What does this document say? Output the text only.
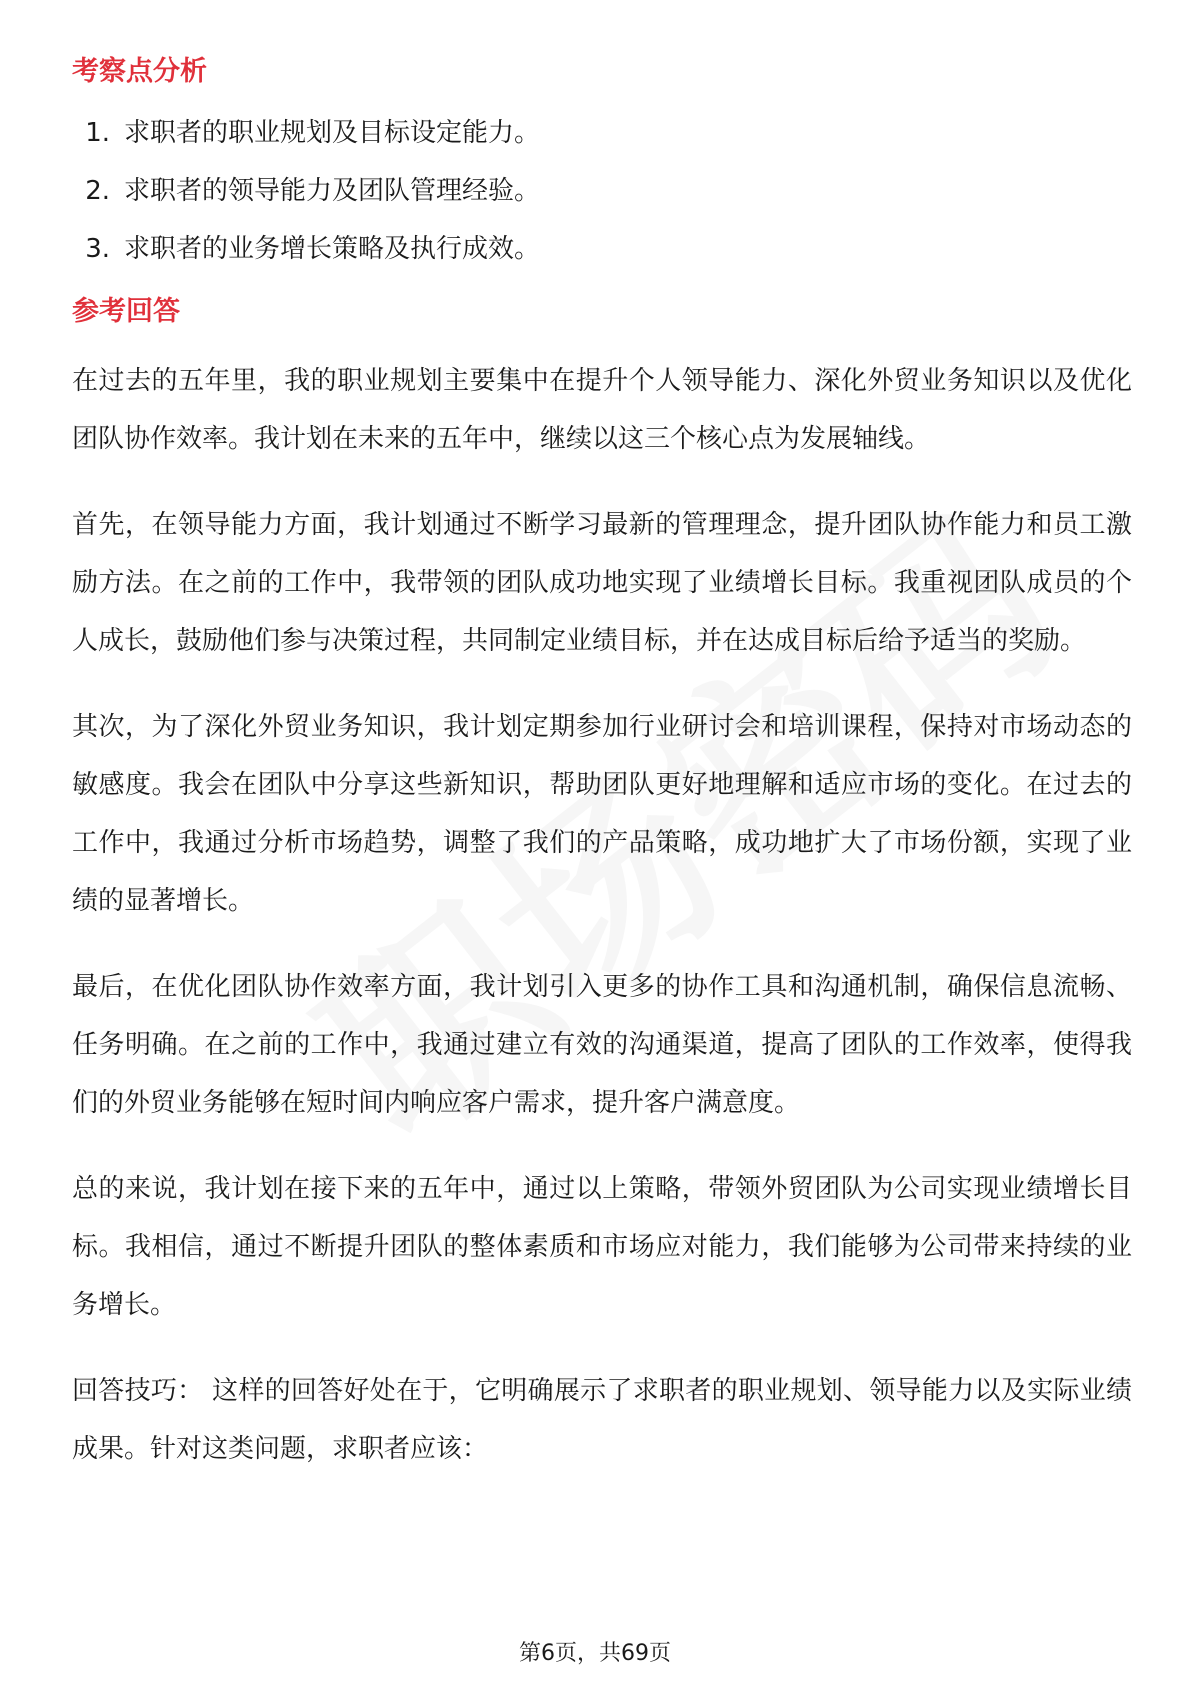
考察点分析
1. 求职者的职业规划及目标设定能力。
2. 求职者的领导能力及团队管理经验。
3. 求职者的业务增长策略及执行成效。
参考回答

在过去的五年里，我的职业规划主要集中在提升个人领导能力、深化外贸业务知识以及优化团队协作效率。我计划在未来的五年中，继续以这三个核心点为发展轴线。

首先，在领导能力方面，我计划通过不断学习最新的管理理念，提升团队协作能力和员工激励方法。在之前的工作中，我带领的团队成功地实现了业绩增长目标。我重视团队成员的个人成长，鼓励他们参与决策过程，共同制定业绩目标，并在达成目标后给予适当的奖励。

其次，为了深化外贸业务知识，我计划定期参加行业研讨会和培训课程，保持对市场动态的敏感度。我会在团队中分享这些新知识，帮助团队更好地理解和适应市场的变化。在过去的工作中，我通过分析市场趋势，调整了我们的产品策略，成功地扩大了市场份额，实现了业绩的显著增长。

最后，在优化团队协作效率方面，我计划引入更多的协作工具和沟通机制，确保信息流畅、任务明确。在之前的工作中，我通过建立有效的沟通渠道，提高了团队的工作效率，使得我们的外贸业务能够在短时间内响应客户需求，提升客户满意度。

总的来说，我计划在接下来的五年中，通过以上策略，带领外贸团队为公司实现业绩增长目标。我相信，通过不断提升团队的整体素质和市场应对能力，我们能够为公司带来持续的业务增长。

回答技巧： 这样的回答好处在于，它明确展示了求职者的职业规划、领导能力以及实际业绩成果。针对这类问题，求职者应该：

第6页，共69页
